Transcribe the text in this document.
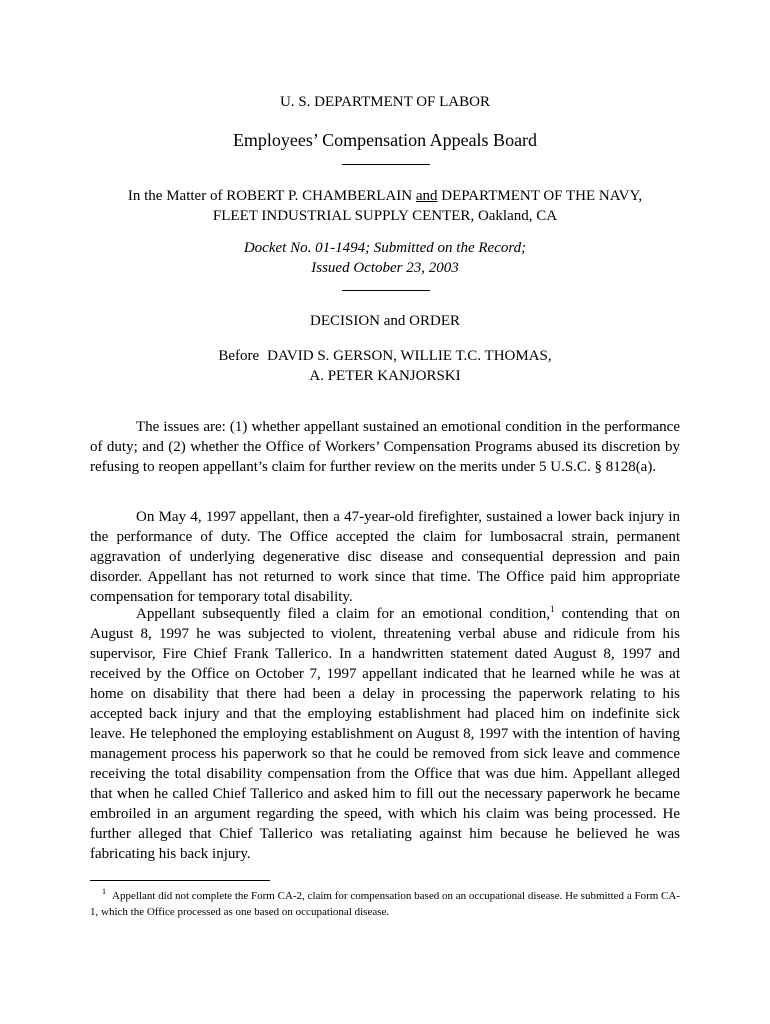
U. S. DEPARTMENT OF LABOR
Employees’ Compensation Appeals Board
In the Matter of ROBERT P. CHAMBERLAIN and DEPARTMENT OF THE NAVY,
FLEET INDUSTRIAL SUPPLY CENTER, Oakland, CA
Docket No. 01-1494; Submitted on the Record;
Issued October 23, 2003
DECISION and ORDER
Before DAVID S. GERSON, WILLIE T.C. THOMAS,
A. PETER KANJORSKI

The issues are: (1) whether appellant sustained an emotional condition in the performance of duty; and (2) whether the Office of Workers’ Compensation Programs abused its discretion by refusing to reopen appellant’s claim for further review on the merits under 5 U.S.C. § 8128(a).

On May 4, 1997 appellant, then a 47-year-old firefighter, sustained a lower back injury in the performance of duty. The Office accepted the claim for lumbosacral strain, permanent aggravation of underlying degenerative disc disease and consequential depression and pain disorder. Appellant has not returned to work since that time. The Office paid him appropriate compensation for temporary total disability.

Appellant subsequently filed a claim for an emotional condition,$^1$ contending that on August 8, 1997 he was subjected to violent, threatening verbal abuse and ridicule from his supervisor, Fire Chief Frank Tallerico. In a handwritten statement dated August 8, 1997 and received by the Office on October 7, 1997 appellant indicated that he learned while he was at home on disability that there had been a delay in processing the paperwork relating to his accepted back injury and that the employing establishment had placed him on indefinite sick leave. He telephoned the employing establishment on August 8, 1997 with the intention of having management process his paperwork so that he could be removed from sick leave and commence receiving the total disability compensation from the Office that was due him. Appellant alleged that when he called Chief Tallerico and asked him to fill out the necessary paperwork he became embroiled in an argument regarding the speed, with which his claim was being processed. He further alleged that Chief Tallerico was retaliating against him because he believed he was fabricating his back injury.

$^1$ Appellant did not complete the Form CA-2, claim for compensation based on an occupational disease. He submitted a Form CA-1, which the Office processed as one based on occupational disease.
